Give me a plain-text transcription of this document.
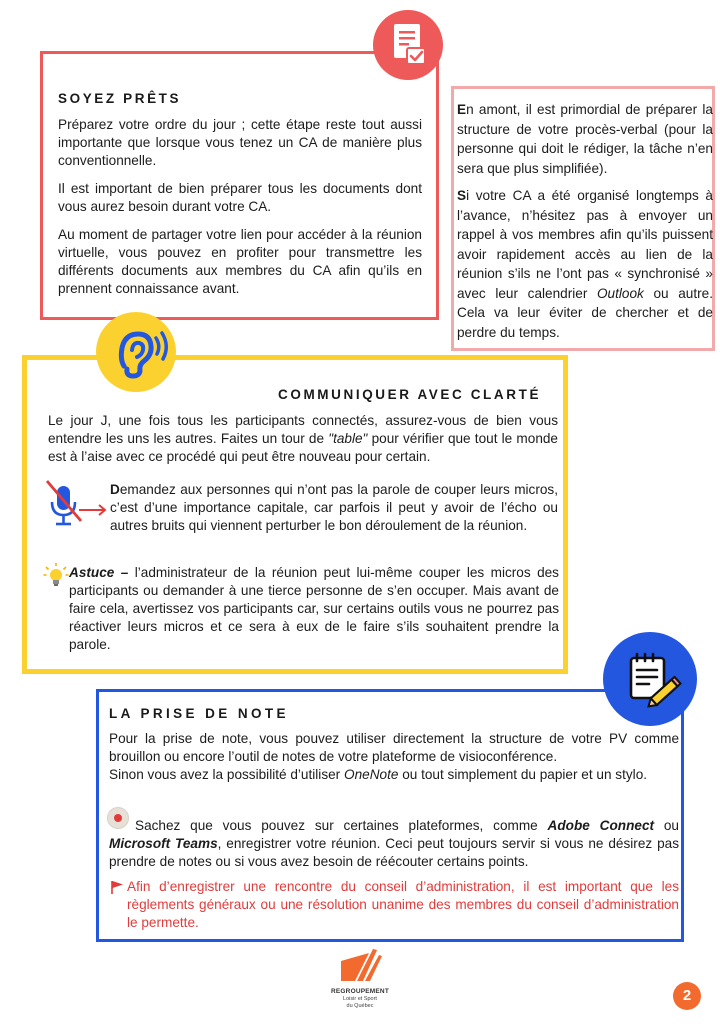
SOYEZ PRÊTS

Préparez votre ordre du jour ; cette étape reste tout aussi importante que lorsque vous tenez un CA de manière plus conventionnelle.

Il est important de bien préparer tous les documents dont vous aurez besoin durant votre CA.

Au moment de partager votre lien pour accéder à la réunion virtuelle, vous pouvez en profiter pour transmettre les différents documents aux membres du CA afin qu’ils en prennent connaissance avant.

En amont, il est primordial de préparer la structure de votre procès-verbal (pour la personne qui doit le rédiger, la tâche n’en sera que plus simplifiée).

Si votre CA a été organisé longtemps à l’avance, n’hésitez pas à envoyer un rappel à vos membres afin qu’ils puissent avoir rapidement accès au lien de la réunion s’ils ne l’ont pas « synchronisé » avec leur calendrier Outlook ou autre. Cela va leur éviter de chercher et de perdre du temps.

COMMUNIQUER AVEC CLARTÉ

Le jour J, une fois tous les participants connectés, assurez-vous de bien vous entendre les uns les autres. Faites un tour de "table" pour vérifier que tout le monde est à l’aise avec ce procédé qui peut être nouveau pour certain.

Demandez aux personnes qui n’ont pas la parole de couper leurs micros, c’est d’une importance capitale, car parfois il peut y avoir de l’écho ou autres bruits qui viennent perturber le bon déroulement de la réunion.

Astuce – l’administrateur de la réunion peut lui-même couper les micros des participants ou demander à une tierce personne de s’en occuper. Mais avant de faire cela, avertissez vos participants car, sur certains outils vous ne pourrez pas réactiver leurs micros et ce sera à eux de le faire s’ils souhaitent prendre la parole.

LA PRISE DE NOTE

Pour la prise de note, vous pouvez utiliser directement la structure de votre PV comme brouillon ou encore l’outil de notes de votre plateforme de visioconférence.

Sinon vous avez la possibilité d’utiliser OneNote ou tout simplement du papier et un stylo.

Sachez que vous pouvez sur certaines plateformes, comme Adobe Connect ou Microsoft Teams, enregistrer votre réunion. Ceci peut toujours servir si vous ne désirez pas prendre de notes ou si vous avez besoin de réécouter certains points.

Afin d’enregistrer une rencontre du conseil d’administration, il est important que les règlements généraux ou une résolution unanime des membres du conseil d’administration le permette.

REGROUPEMENT
Loisir et Sport
du Québec
2
